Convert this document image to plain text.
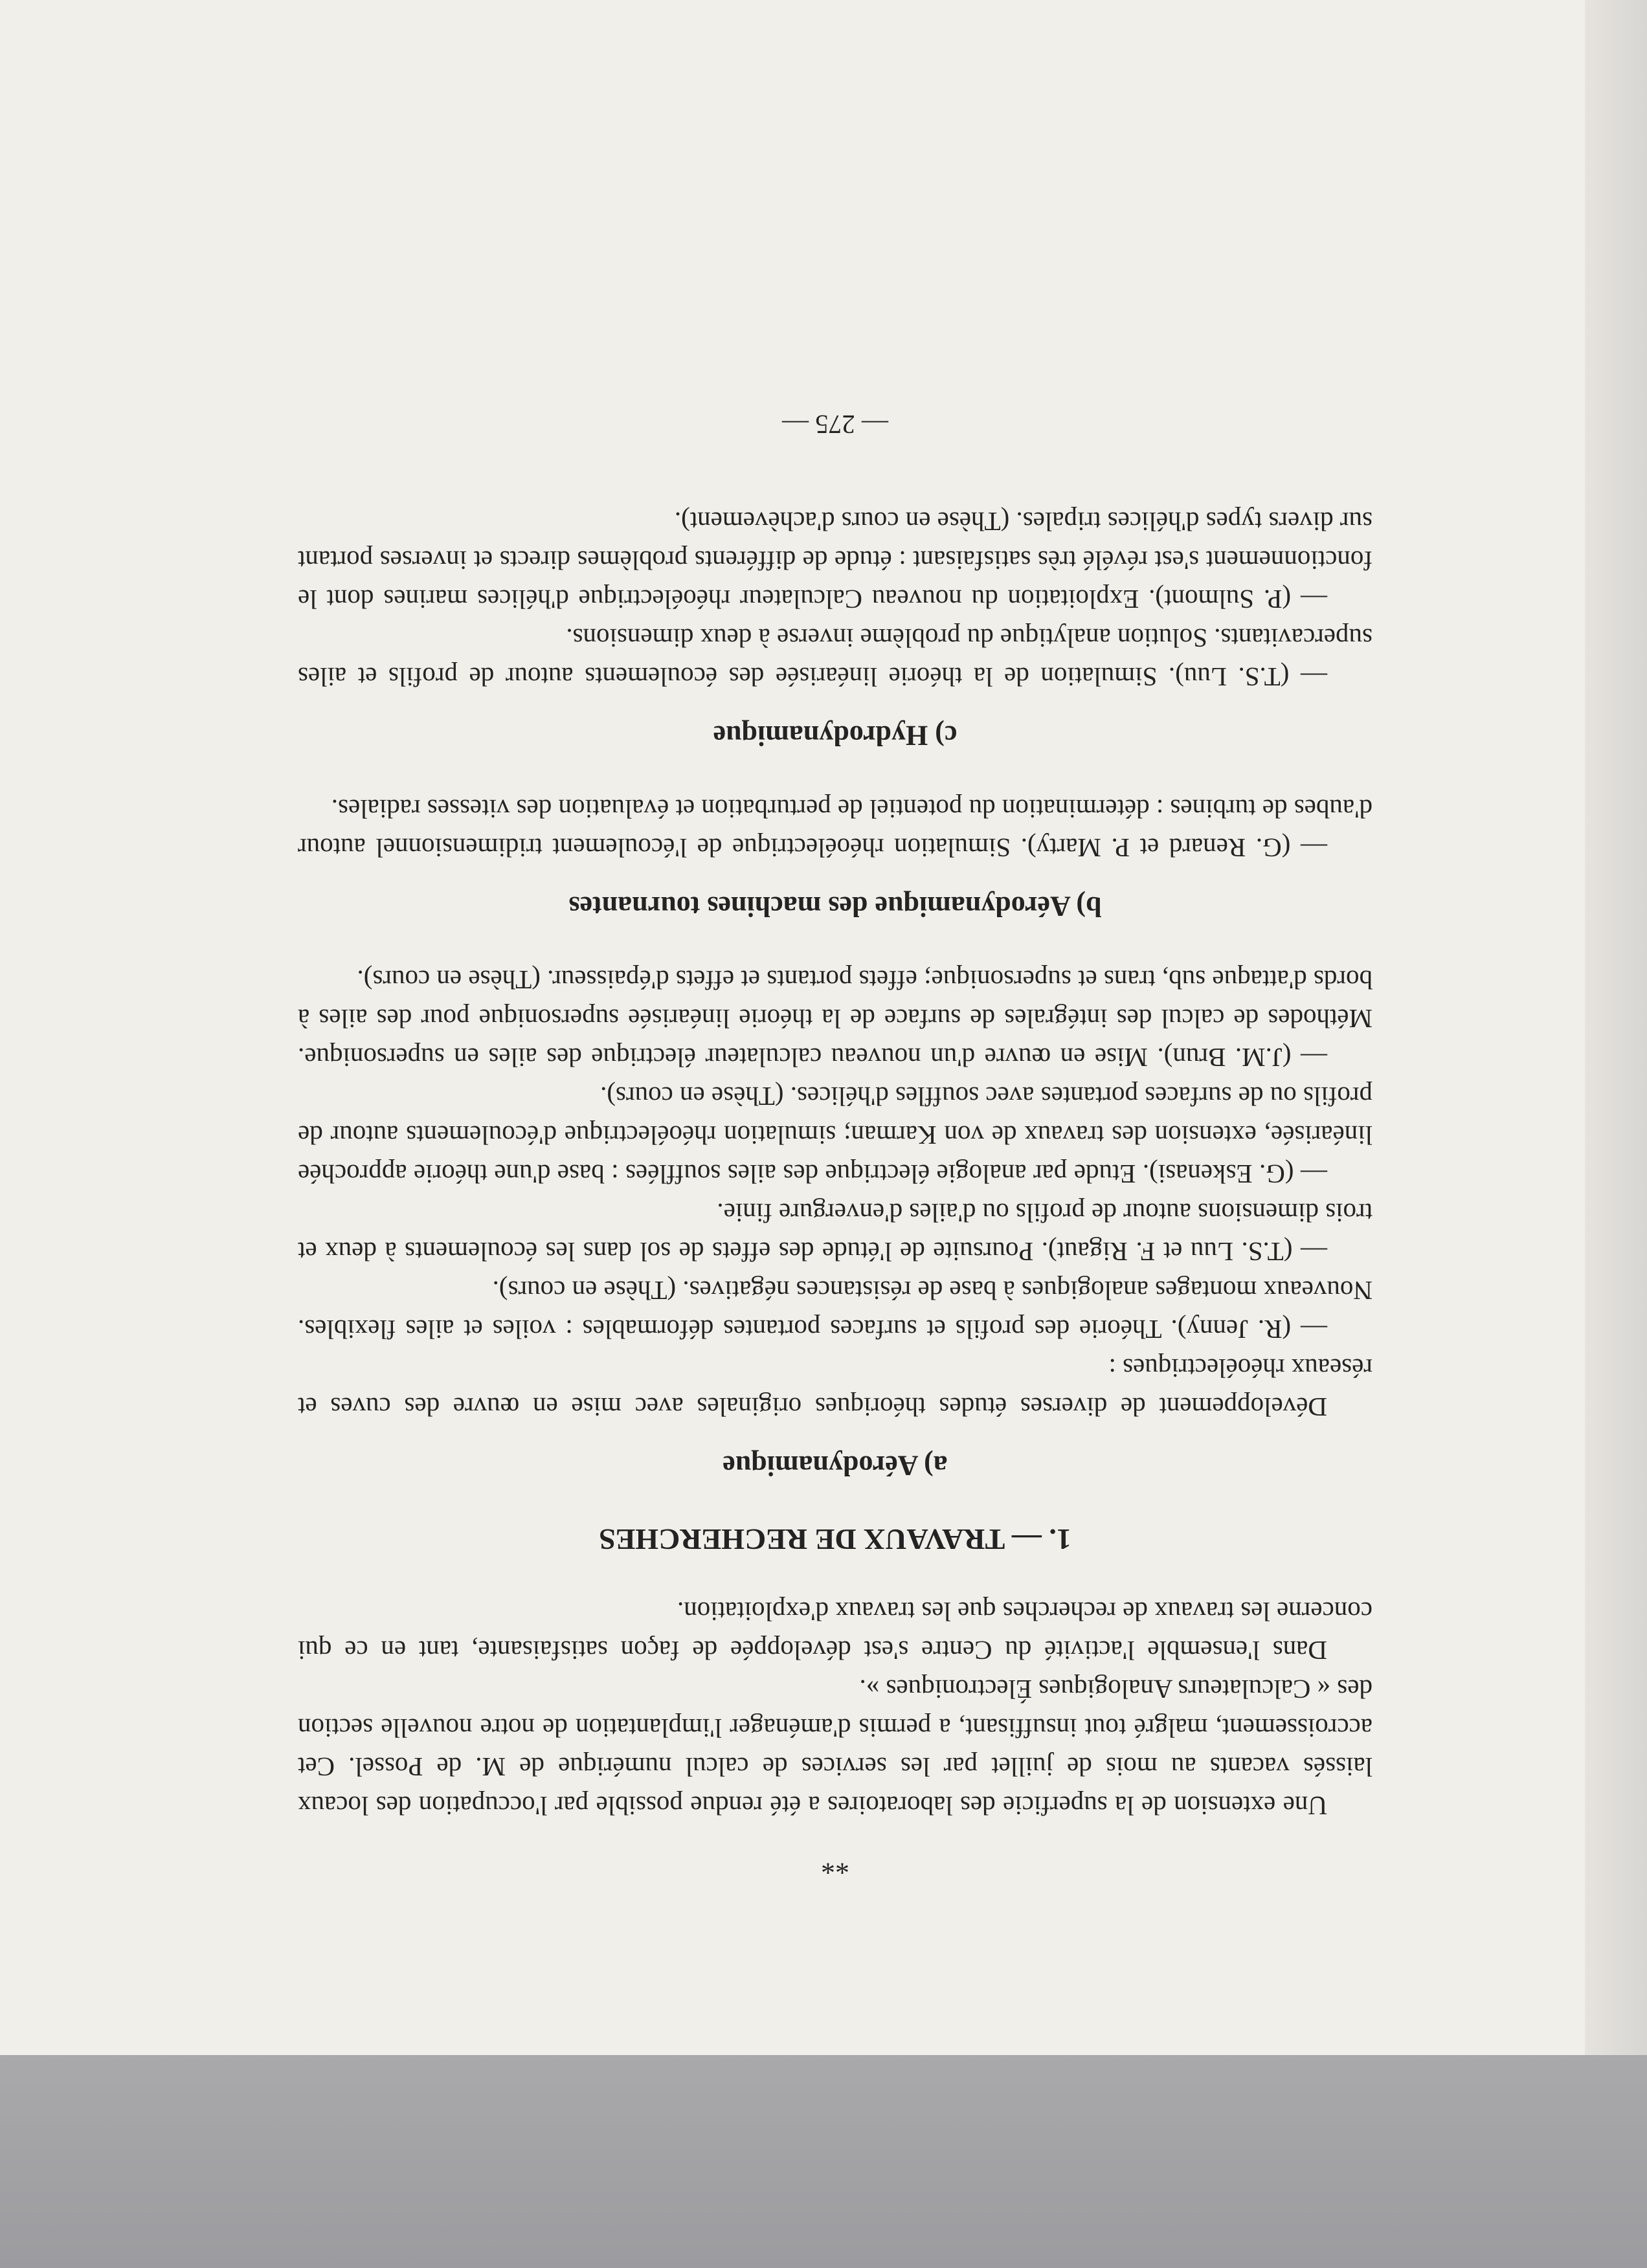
**

Une extension de la superficie des laboratoires a été rendue possible par l'occupation des locaux laissés vacants au mois de juillet par les services de calcul numérique de M. de Possel. Cet accroissement, malgré tout insuffisant, a permis d'aménager l'implantation de notre nouvelle section des « Calculateurs Analogiques Électroniques ».

Dans l'ensemble l'activité du Centre s'est développée de façon satisfaisante, tant en ce qui concerne les travaux de recherches que les travaux d'exploitation.

1. — TRAVAUX DE RECHERCHES
a) Aérodynamique

Développement de diverses études théoriques originales avec mise en œuvre des cuves et réseaux rhéoélectriques :

— (R. Jenny). Théorie des profils et surfaces portantes déformables : voiles et ailes flexibles. Nouveaux montages analogiques à base de résistances négatives. (Thèse en cours).

— (T.S. Luu et F. Rigaut). Poursuite de l'étude des effets de sol dans les écoulements à deux et trois dimensions autour de profils ou d'ailes d'envergure finie.

— (G. Eskenasi). Etude par analogie électrique des ailes soufflées : base d'une théorie approchée linéarisée, extension des travaux de von Karman; simulation rhéoélectrique d'écoulements autour de profils ou de surfaces portantes avec souffles d'hélices. (Thèse en cours).

— (J.M. Brun). Mise en œuvre d'un nouveau calculateur électrique des ailes en supersonique. Méthodes de calcul des intégrales de surface de la théorie linéarisée supersonique pour des ailes à bords d'attaque sub, trans et supersonique; effets portants et effets d'épaisseur. (Thèse en cours).

b) Aérodynamique des machines tournantes

— (G. Renard et P. Marty). Simulation rhéoélectrique de l'écoulement tridimensionnel autour d'aubes de turbines : détermination du potentiel de perturbation et évaluation des vitesses radiales.

c) Hydrodynamique

— (T.S. Luu). Simulation de la théorie linéarisée des écoulements autour de profils et ailes supercavitants. Solution analytique du problème inverse à deux dimensions.

— (P. Sulmont). Exploitation du nouveau Calculateur rhéoélectrique d'hélices marines dont le fonctionnement s'est révélé très satisfaisant : étude de différents problèmes directs et inverses portant sur divers types d'hélices tripales. (Thèse en cours d'achèvement).

— 275 —
